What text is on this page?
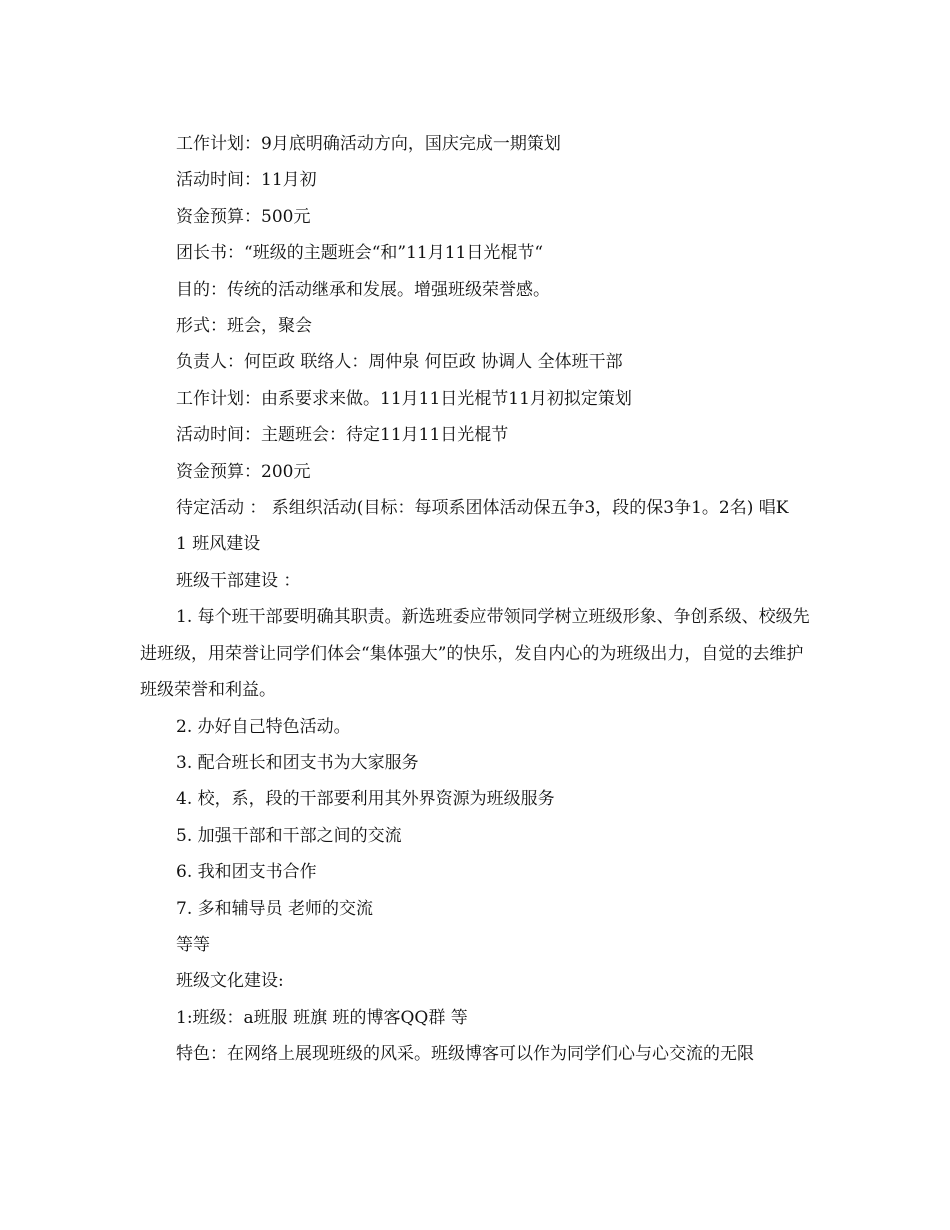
工作计划：9月底明确活动方向，国庆完成一期策划

活动时间：11月初

资金预算：500元

团长书：“班级的主题班会“和”11月11日光棍节“

目的：传统的活动继承和发展。增强班级荣誉感。

形式：班会，聚会

负责人：何臣政 联络人：周仲泉 何臣政 协调人 全体班干部

工作计划：由系要求来做。11月11日光棍节11月初拟定策划

活动时间：主题班会：待定11月11日光棍节

资金预算：200元

待定活动 ： 系组织活动(目标：每项系团体活动保五争3，段的保3争1。2名) 唱K

1 班风建设

班级干部建设 ：

1. 每个班干部要明确其职责。新选班委应带领同学树立班级形象、争创系级、校级先进班级，用荣誉让同学们体会“集体强大”的快乐，发自内心的为班级出力，自觉的去维护班级荣誉和利益。

2. 办好自己特色活动。

3. 配合班长和团支书为大家服务

4. 校，系，段的干部要利用其外界资源为班级服务

5. 加强干部和干部之间的交流

6. 我和团支书合作

7. 多和辅导员 老师的交流

等等

班级文化建设:

1:班级：a班服 班旗 班的博客QQ群 等

特色：在网络上展现班级的风采。班级博客可以作为同学们心与心交流的无限
